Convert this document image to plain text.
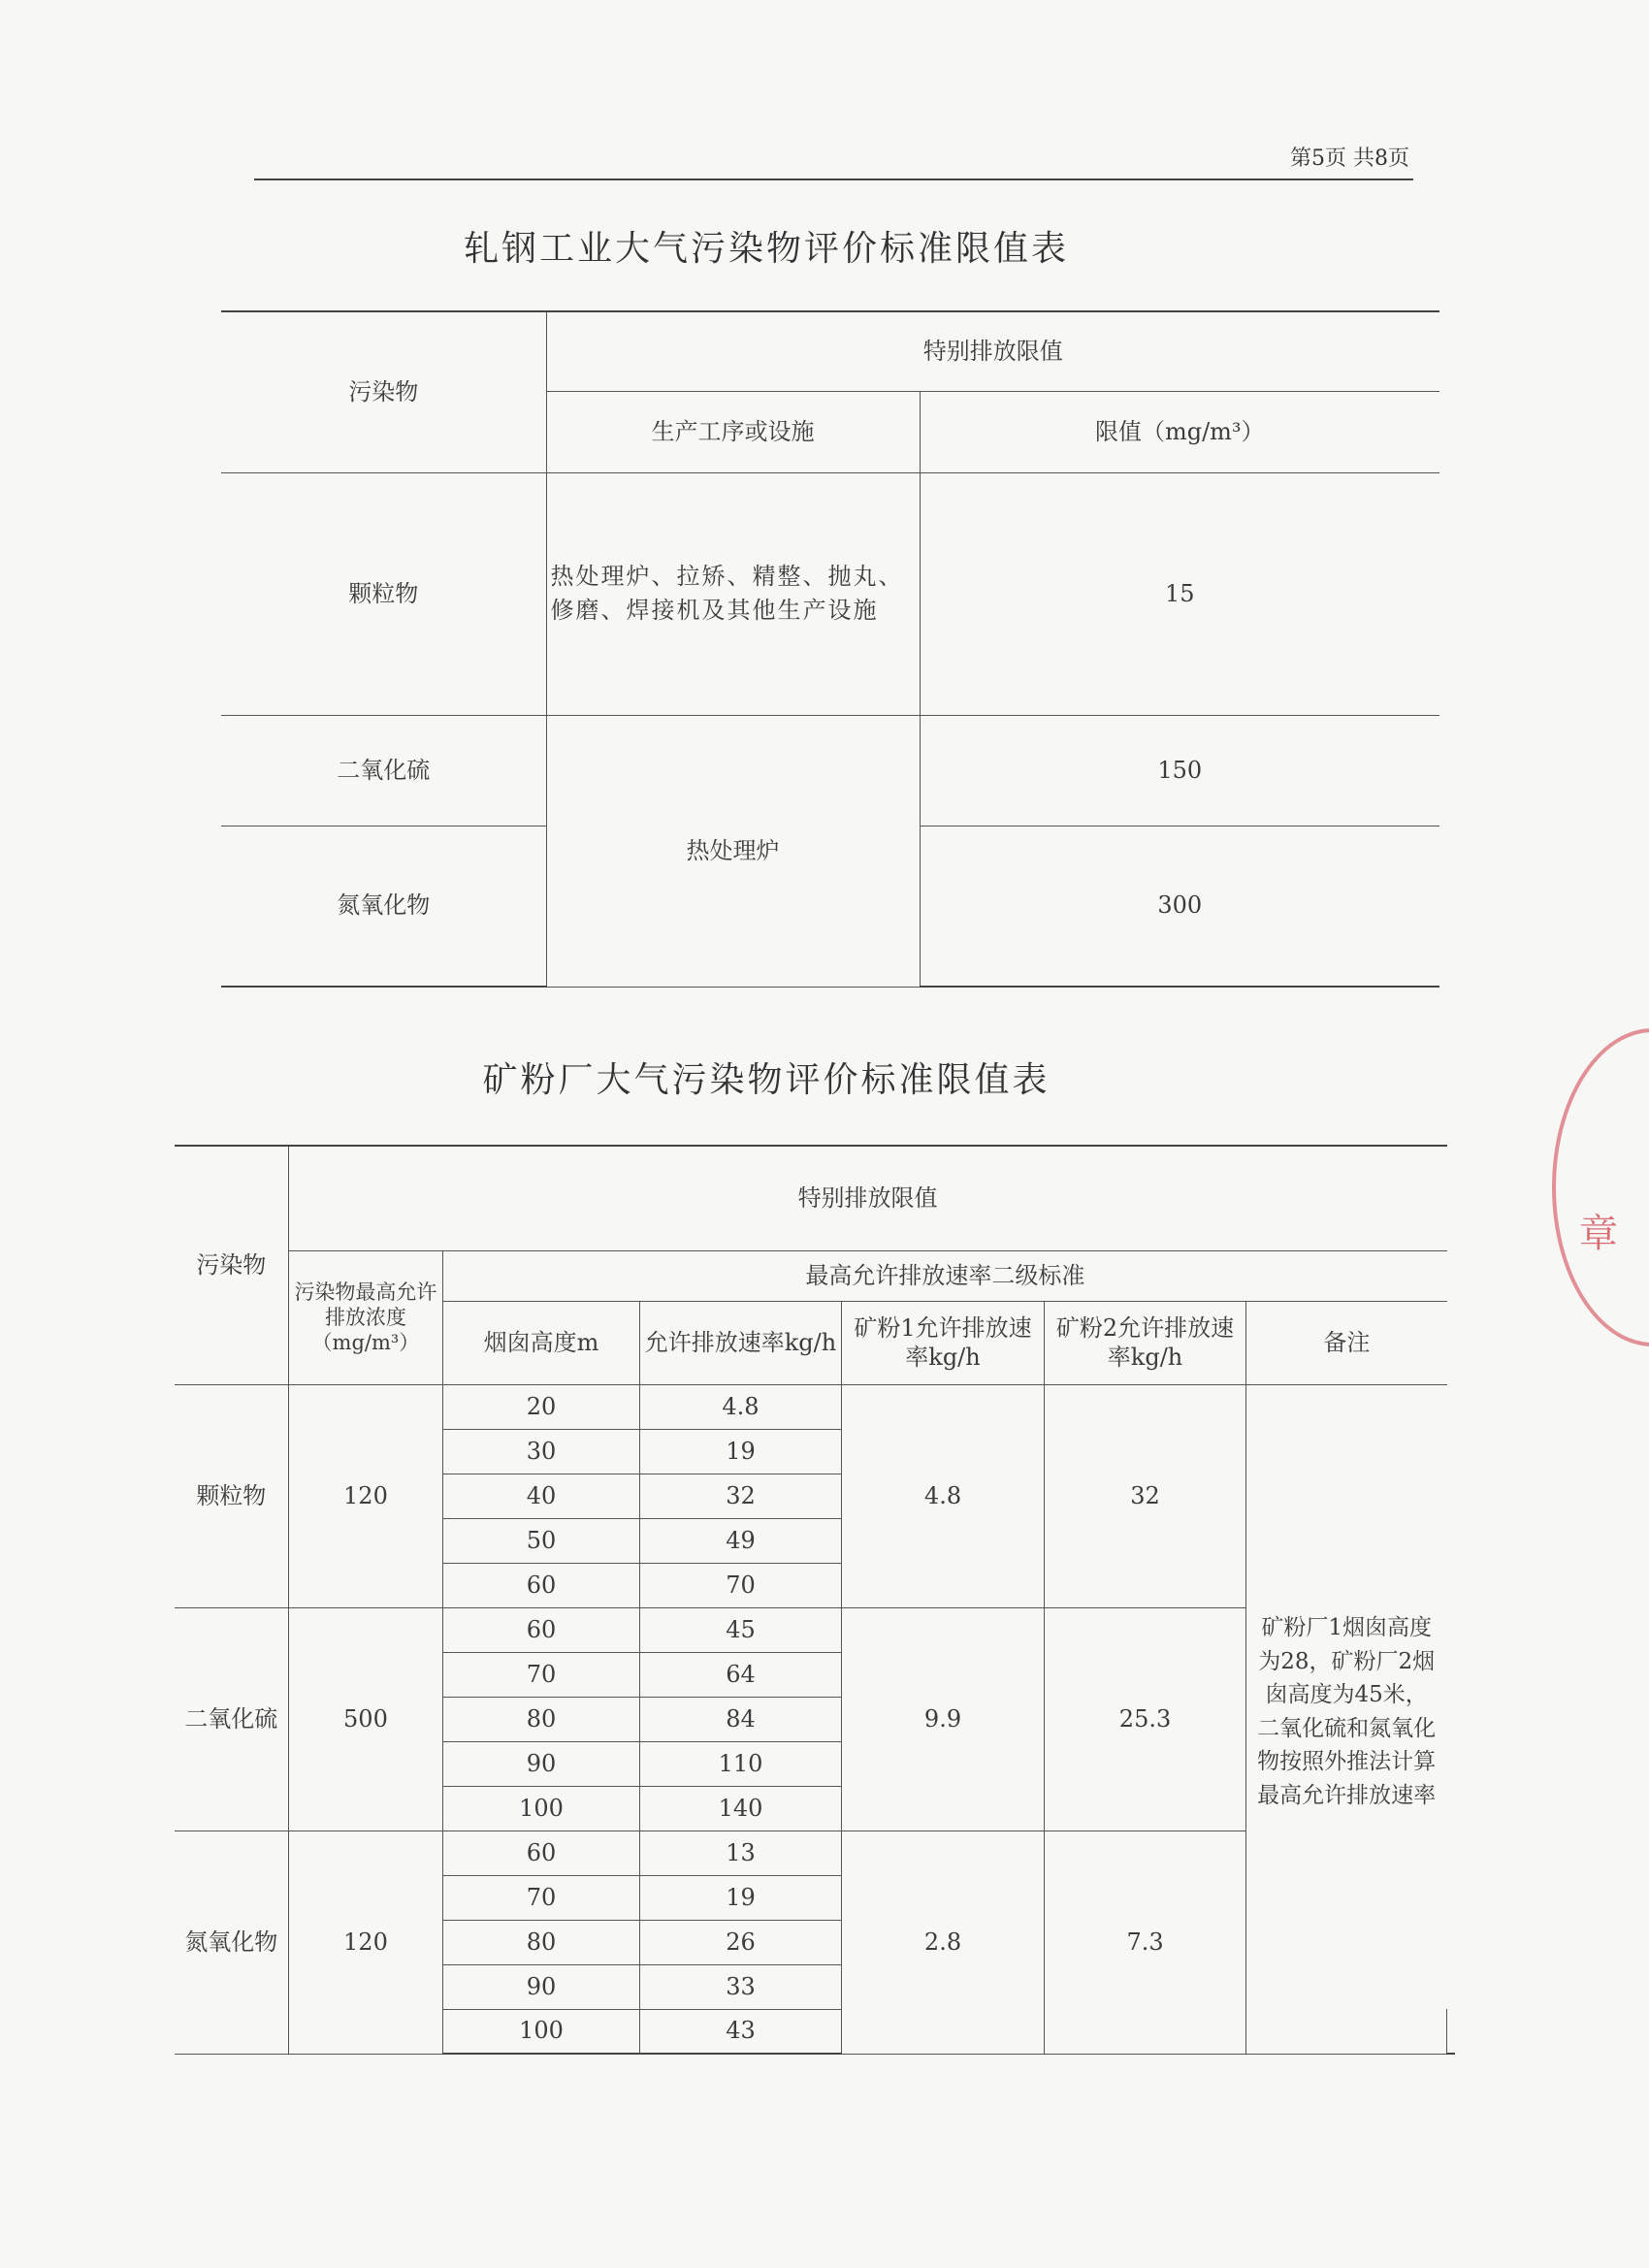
第5页 共8页
轧钢工业大气污染物评价标准限值表
污染物	特别排放限值	
	生产工序或设施	限值（mg/m³）
颗粒物	热处理炉、拉矫、精整、抛丸、修磨、焊接机及其他生产设施	15
二氧化硫	热处理炉	150
氮氧化物		300
矿粉厂大气污染物评价标准限值表
污染物	特别排放限值						
	污染物最高允许排放浓度（mg/m³）	最高允许排放速率二级标准					
		烟囱高度m	允许排放速率kg/h	矿粉1允许排放速率kg/h	矿粉2允许排放速率kg/h	备注	
颗粒物	120	20	4.8	4.8	32		
		30	19				
		40	32				
		50	49				
		60	70				
二氧化硫	500	60	45	9.9	25.3	矿粉厂1烟囱高度为28，矿粉厂2烟囱高度为45米，二氧化硫和氮氧化物按照外推法计算最高允许排放速率	
		70	64				
		80	84				
		90	110				
		100	140				
氮氧化物	120	60	13	2.8	7.3		
		70	19				
		80	26				
		90	33				
		100	43				
章
